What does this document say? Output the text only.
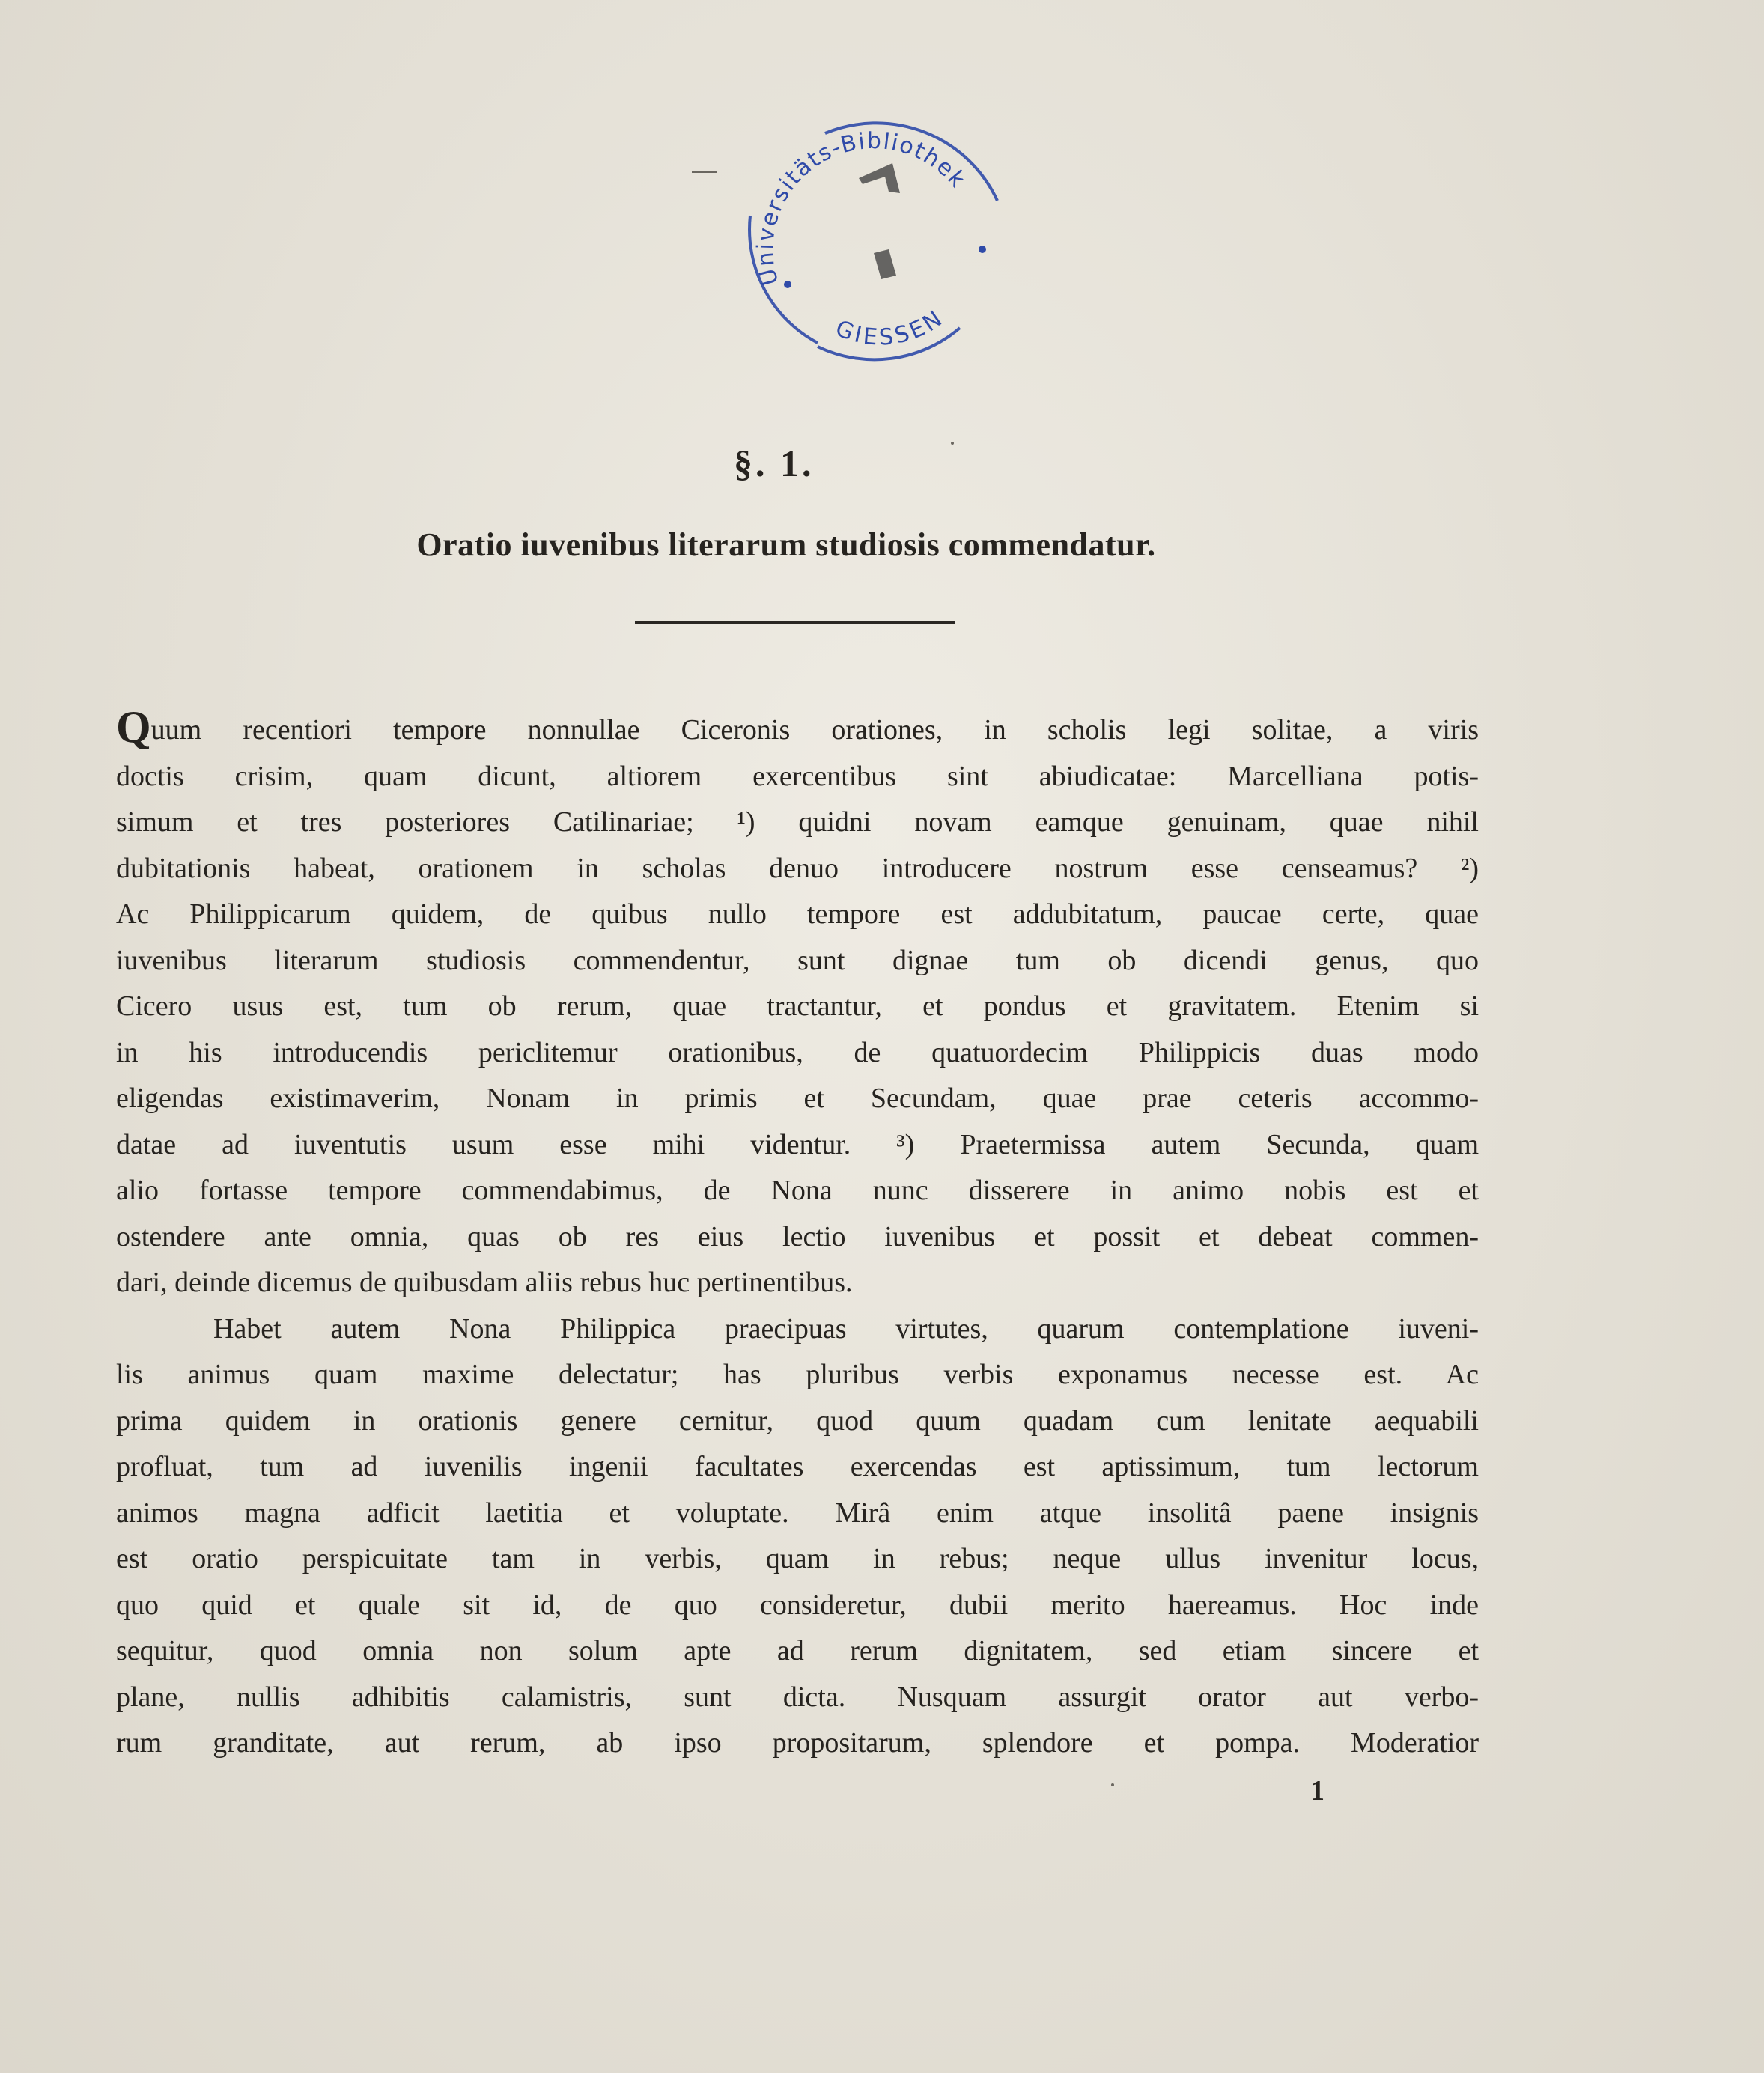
Universitäts-Bibliothek
GIESSEN
§. 1.
Oratio iuvenibus literarum studiosis commendatur.
Quum recentiori tempore nonnullae Ciceronis orationes, in scholis legi solitae, a viris
doctis crisim, quam dicunt, altiorem exercentibus sint abiudicatae: Marcelliana potis-
simum et tres posteriores Catilinariae; ¹) quidni novam eamque genuinam, quae nihil
dubitationis habeat, orationem in scholas denuo introducere nostrum esse censeamus? ²)
Ac Philippicarum quidem, de quibus nullo tempore est addubitatum, paucae certe, quae
iuvenibus literarum studiosis commendentur, sunt dignae tum ob dicendi genus, quo
Cicero usus est, tum ob rerum, quae tractantur, et pondus et gravitatem. Etenim si
in his introducendis periclitemur orationibus, de quatuordecim Philippicis duas modo
eligendas existimaverim, Nonam in primis et Secundam, quae prae ceteris accommo-
datae ad iuventutis usum esse mihi videntur. ³) Praetermissa autem Secunda, quam
alio fortasse tempore commendabimus, de Nona nunc disserere in animo nobis est et
ostendere ante omnia, quas ob res eius lectio iuvenibus et possit et debeat commen-
dari, deinde dicemus de quibusdam aliis rebus huc pertinentibus.
Habet autem Nona Philippica praecipuas virtutes, quarum contemplatione iuveni-
lis animus quam maxime delectatur; has pluribus verbis exponamus necesse est. Ac
prima quidem in orationis genere cernitur, quod quum quadam cum lenitate aequabili
profluat, tum ad iuvenilis ingenii facultates exercendas est aptissimum, tum lectorum
animos magna adficit laetitia et voluptate. Mirâ enim atque insolitâ paene insignis
est oratio perspicuitate tam in verbis, quam in rebus; neque ullus invenitur locus,
quo quid et quale sit id, de quo consideretur, dubii merito haereamus. Hoc inde
sequitur, quod omnia non solum apte ad rerum dignitatem, sed etiam sincere et
plane, nullis adhibitis calamistris, sunt dicta. Nusquam assurgit orator aut verbo-
rum granditate, aut rerum, ab ipso propositarum, splendore et pompa. Moderatior
1
